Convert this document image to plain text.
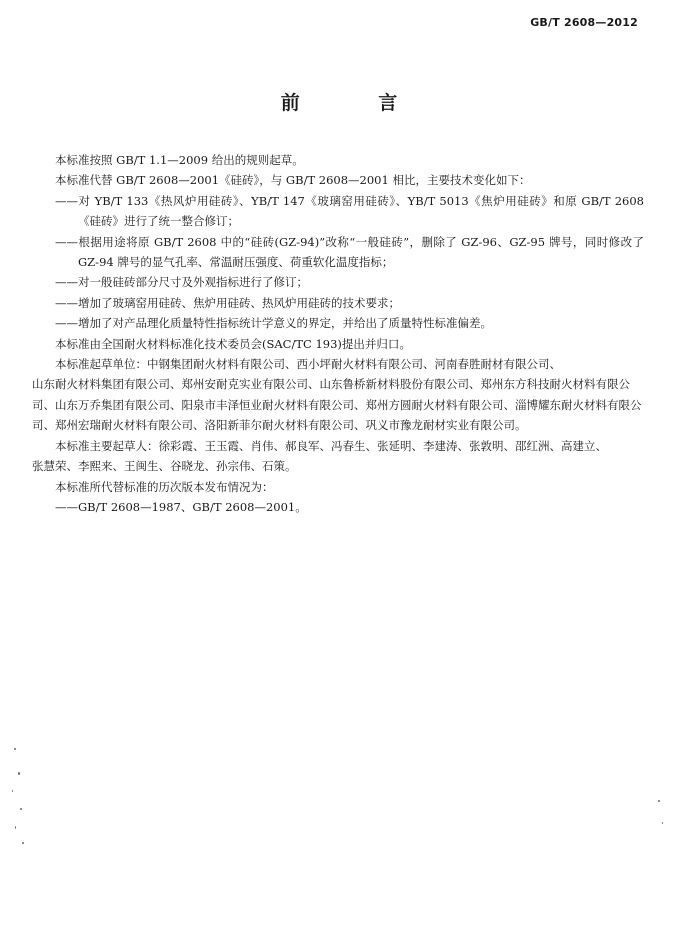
GB/T 2608—2012
前 言

本标准按照 GB/T 1.1—2009 给出的规则起草。

本标准代替 GB/T 2608—2001《硅砖》，与 GB/T 2608—2001 相比，主要技术变化如下：

——对 YB/T 133《热风炉用硅砖》、YB/T 147《玻璃窑用硅砖》、YB/T 5013《焦炉用硅砖》和原 GB/T 2608《硅砖》进行了统一整合修订；

——根据用途将原 GB/T 2608 中的“硅砖(GZ-94)”改称“一般硅砖”，删除了 GZ-96、GZ-95 牌号，同时修改了 GZ-94 牌号的显气孔率、常温耐压强度、荷重软化温度指标；

——对一般硅砖部分尺寸及外观指标进行了修订；

——增加了玻璃窑用硅砖、焦炉用硅砖、热风炉用硅砖的技术要求；

——增加了对产品理化质量特性指标统计学意义的界定，并给出了质量特性标准偏差。

本标准由全国耐火材料标准化技术委员会(SAC/TC 193)提出并归口。

本标准起草单位：中钢集团耐火材料有限公司、西小坪耐火材料有限公司、河南春胜耐材有限公司、
山东耐火材料集团有限公司、郑州安耐克实业有限公司、山东鲁桥新材料股份有限公司、郑州东方科技耐火材料有限公司、山东万乔集团有限公司、阳泉市丰泽恒业耐火材料有限公司、郑州方圆耐火材料有限公司、淄博耀东耐火材料有限公司、郑州宏瑞耐火材料有限公司、洛阳新菲尔耐火材料有限公司、巩义市豫龙耐材实业有限公司。
本标准主要起草人：徐彩霞、王玉霞、肖伟、郝良军、冯春生、张延明、李建涛、张敦明、邵红洲、高建立、
张慧荣、李熙来、王闽生、谷晓龙、孙宗伟、石策。

本标准所代替标准的历次版本发布情况为：

——GB/T 2608—1987、GB/T 2608—2001。
